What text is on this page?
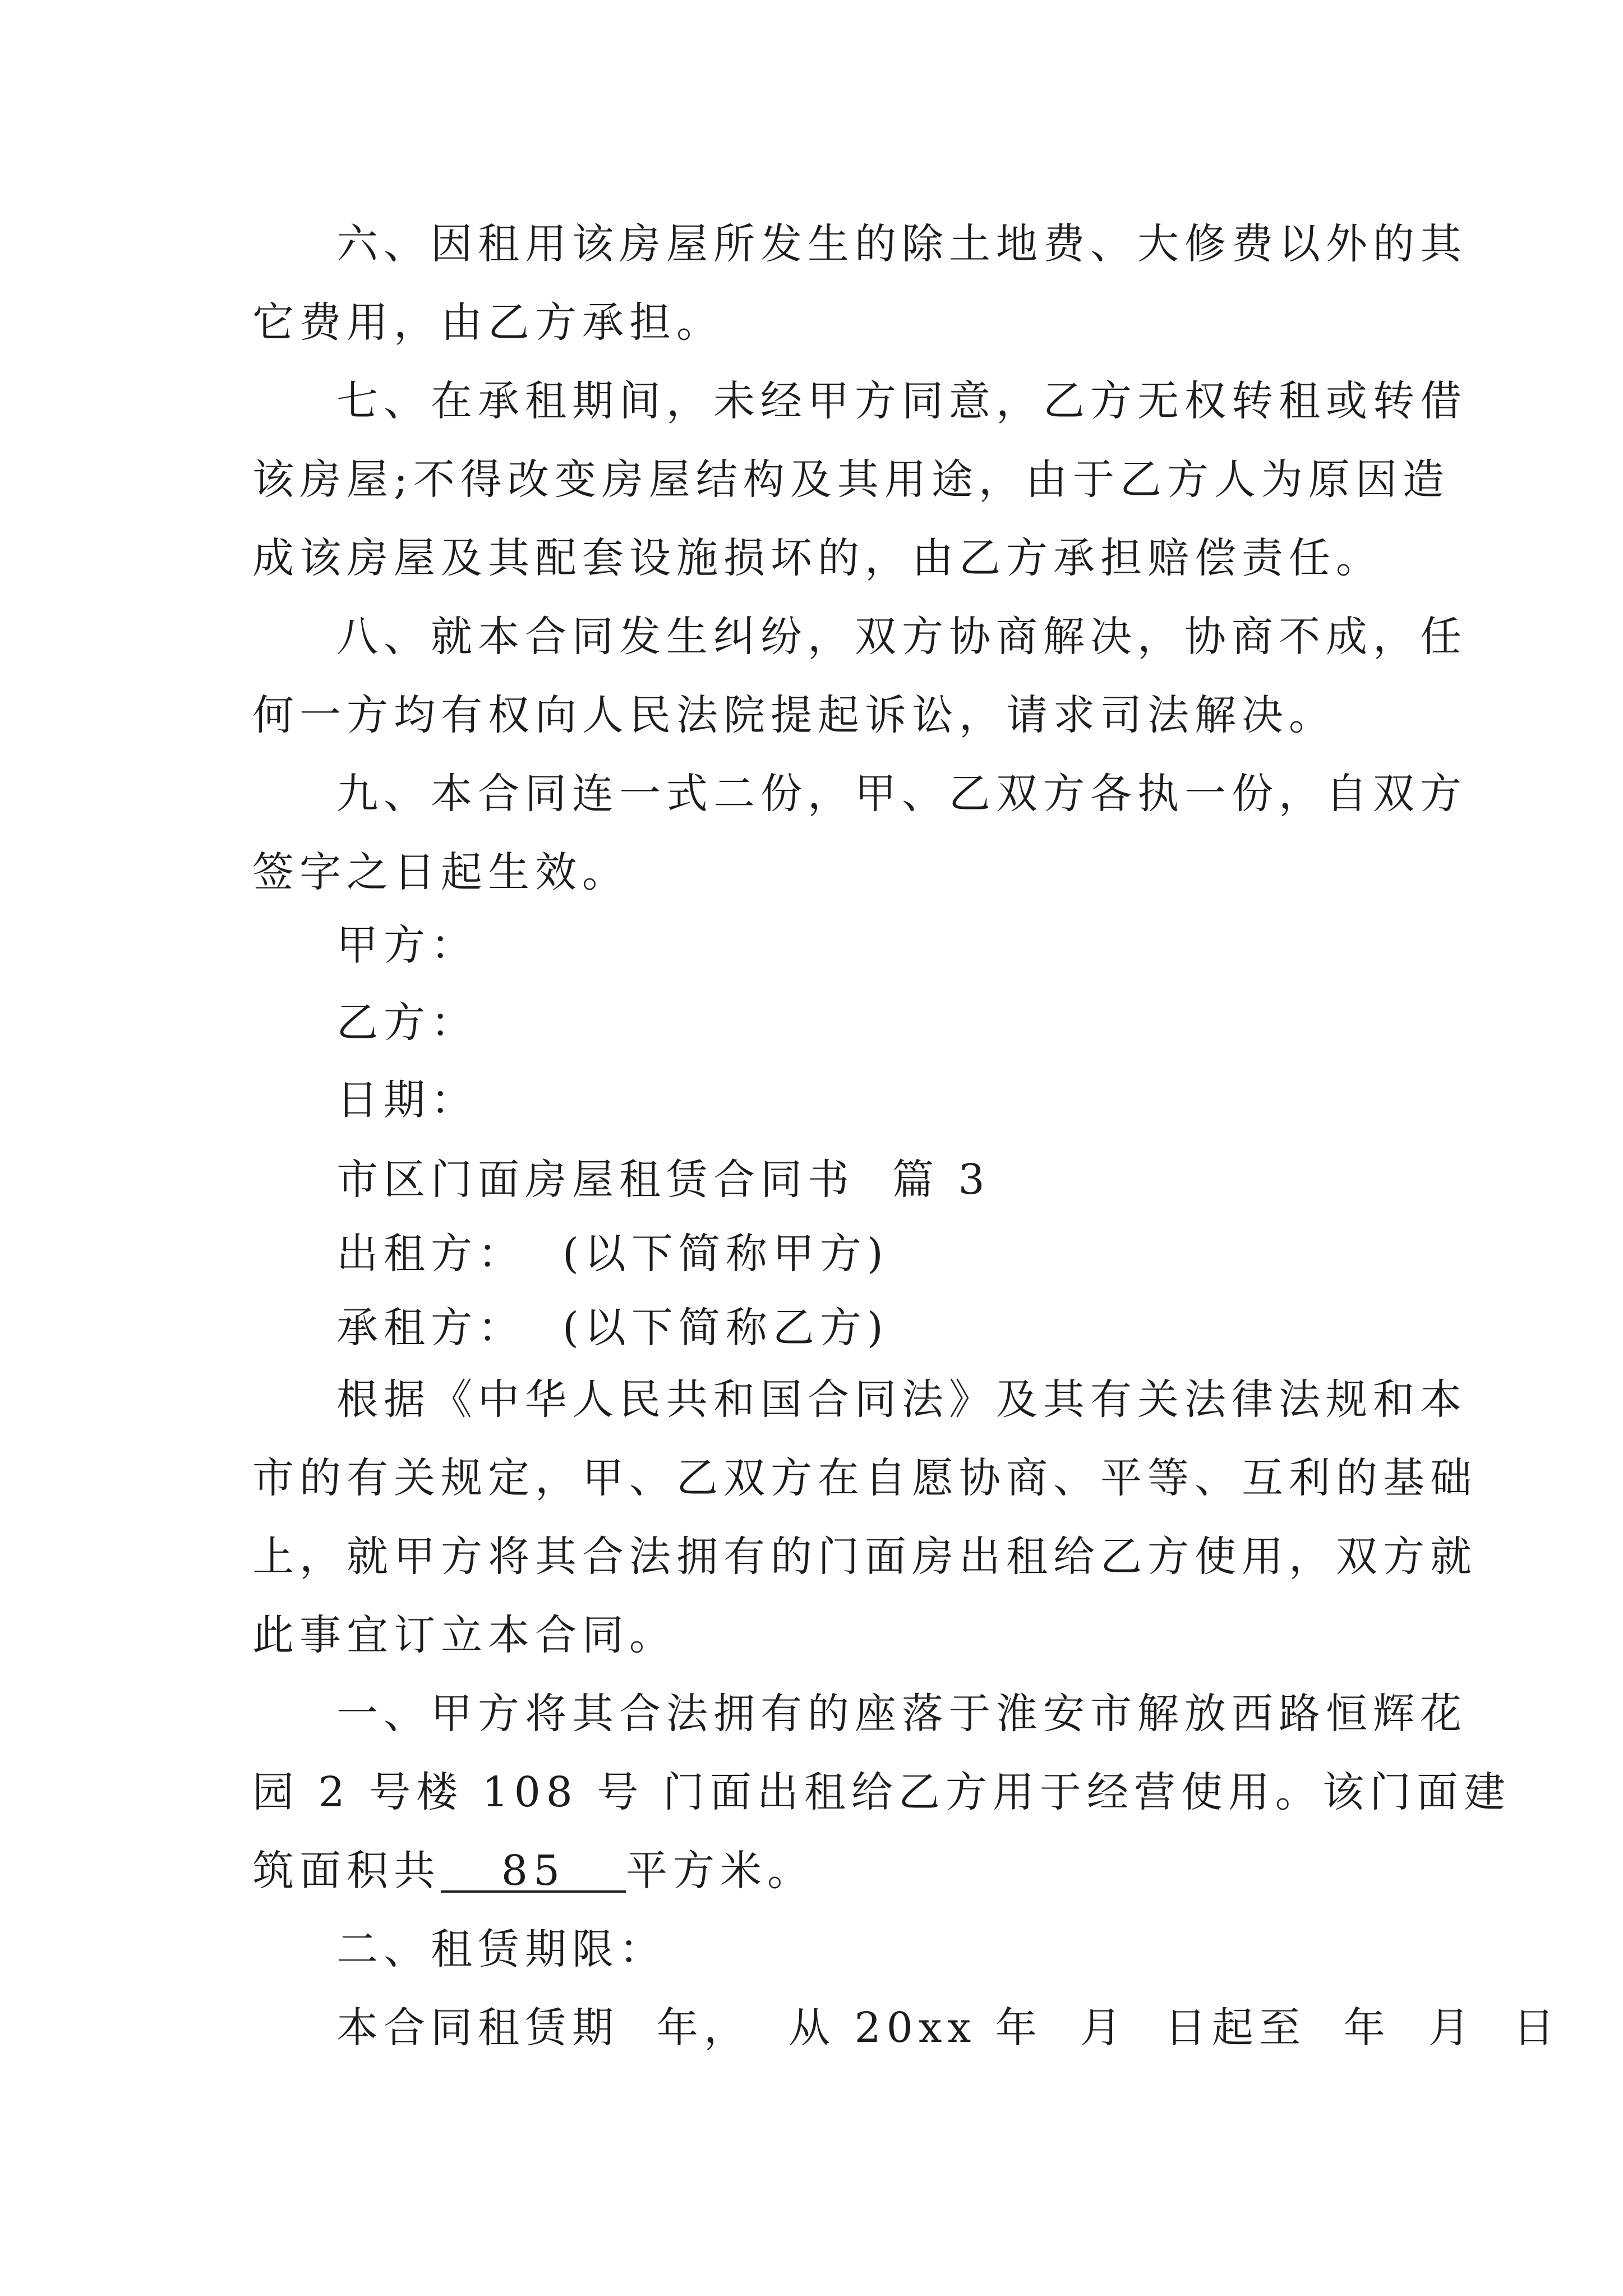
六、因租用该房屋所发生的除土地费、大修费以外的其
它费用，由乙方承担。
七、在承租期间，未经甲方同意，乙方无权转租或转借
该房屋;不得改变房屋结构及其用途，由于乙方人为原因造
成该房屋及其配套设施损坏的，由乙方承担赔偿责任。
八、就本合同发生纠纷，双方协商解决，协商不成，任
何一方均有权向人民法院提起诉讼，请求司法解决。
九、本合同连一式二份，甲、乙双方各执一份，自双方
签字之日起生效。
甲方：
乙方：
日期：
市区门面房屋租赁合同书  篇 3
出租方：  (以下简称甲方)
承租方：  (以下简称乙方)
根据《中华人民共和国合同法》及其有关法律法规和本
市的有关规定，甲、乙双方在自愿协商、平等、互利的基础
上，就甲方将其合法拥有的门面房出租给乙方使用，双方就
此事宜订立本合同。
一、甲方将其合法拥有的座落于淮安市解放西路恒辉花
园 2 号楼 108 号 门面出租给乙方用于经营使用。该门面建
筑面积共 85 平方米。
二、租赁期限：
本合同租赁期  年，  从 20xx 年  月  日起至  年  月  日
